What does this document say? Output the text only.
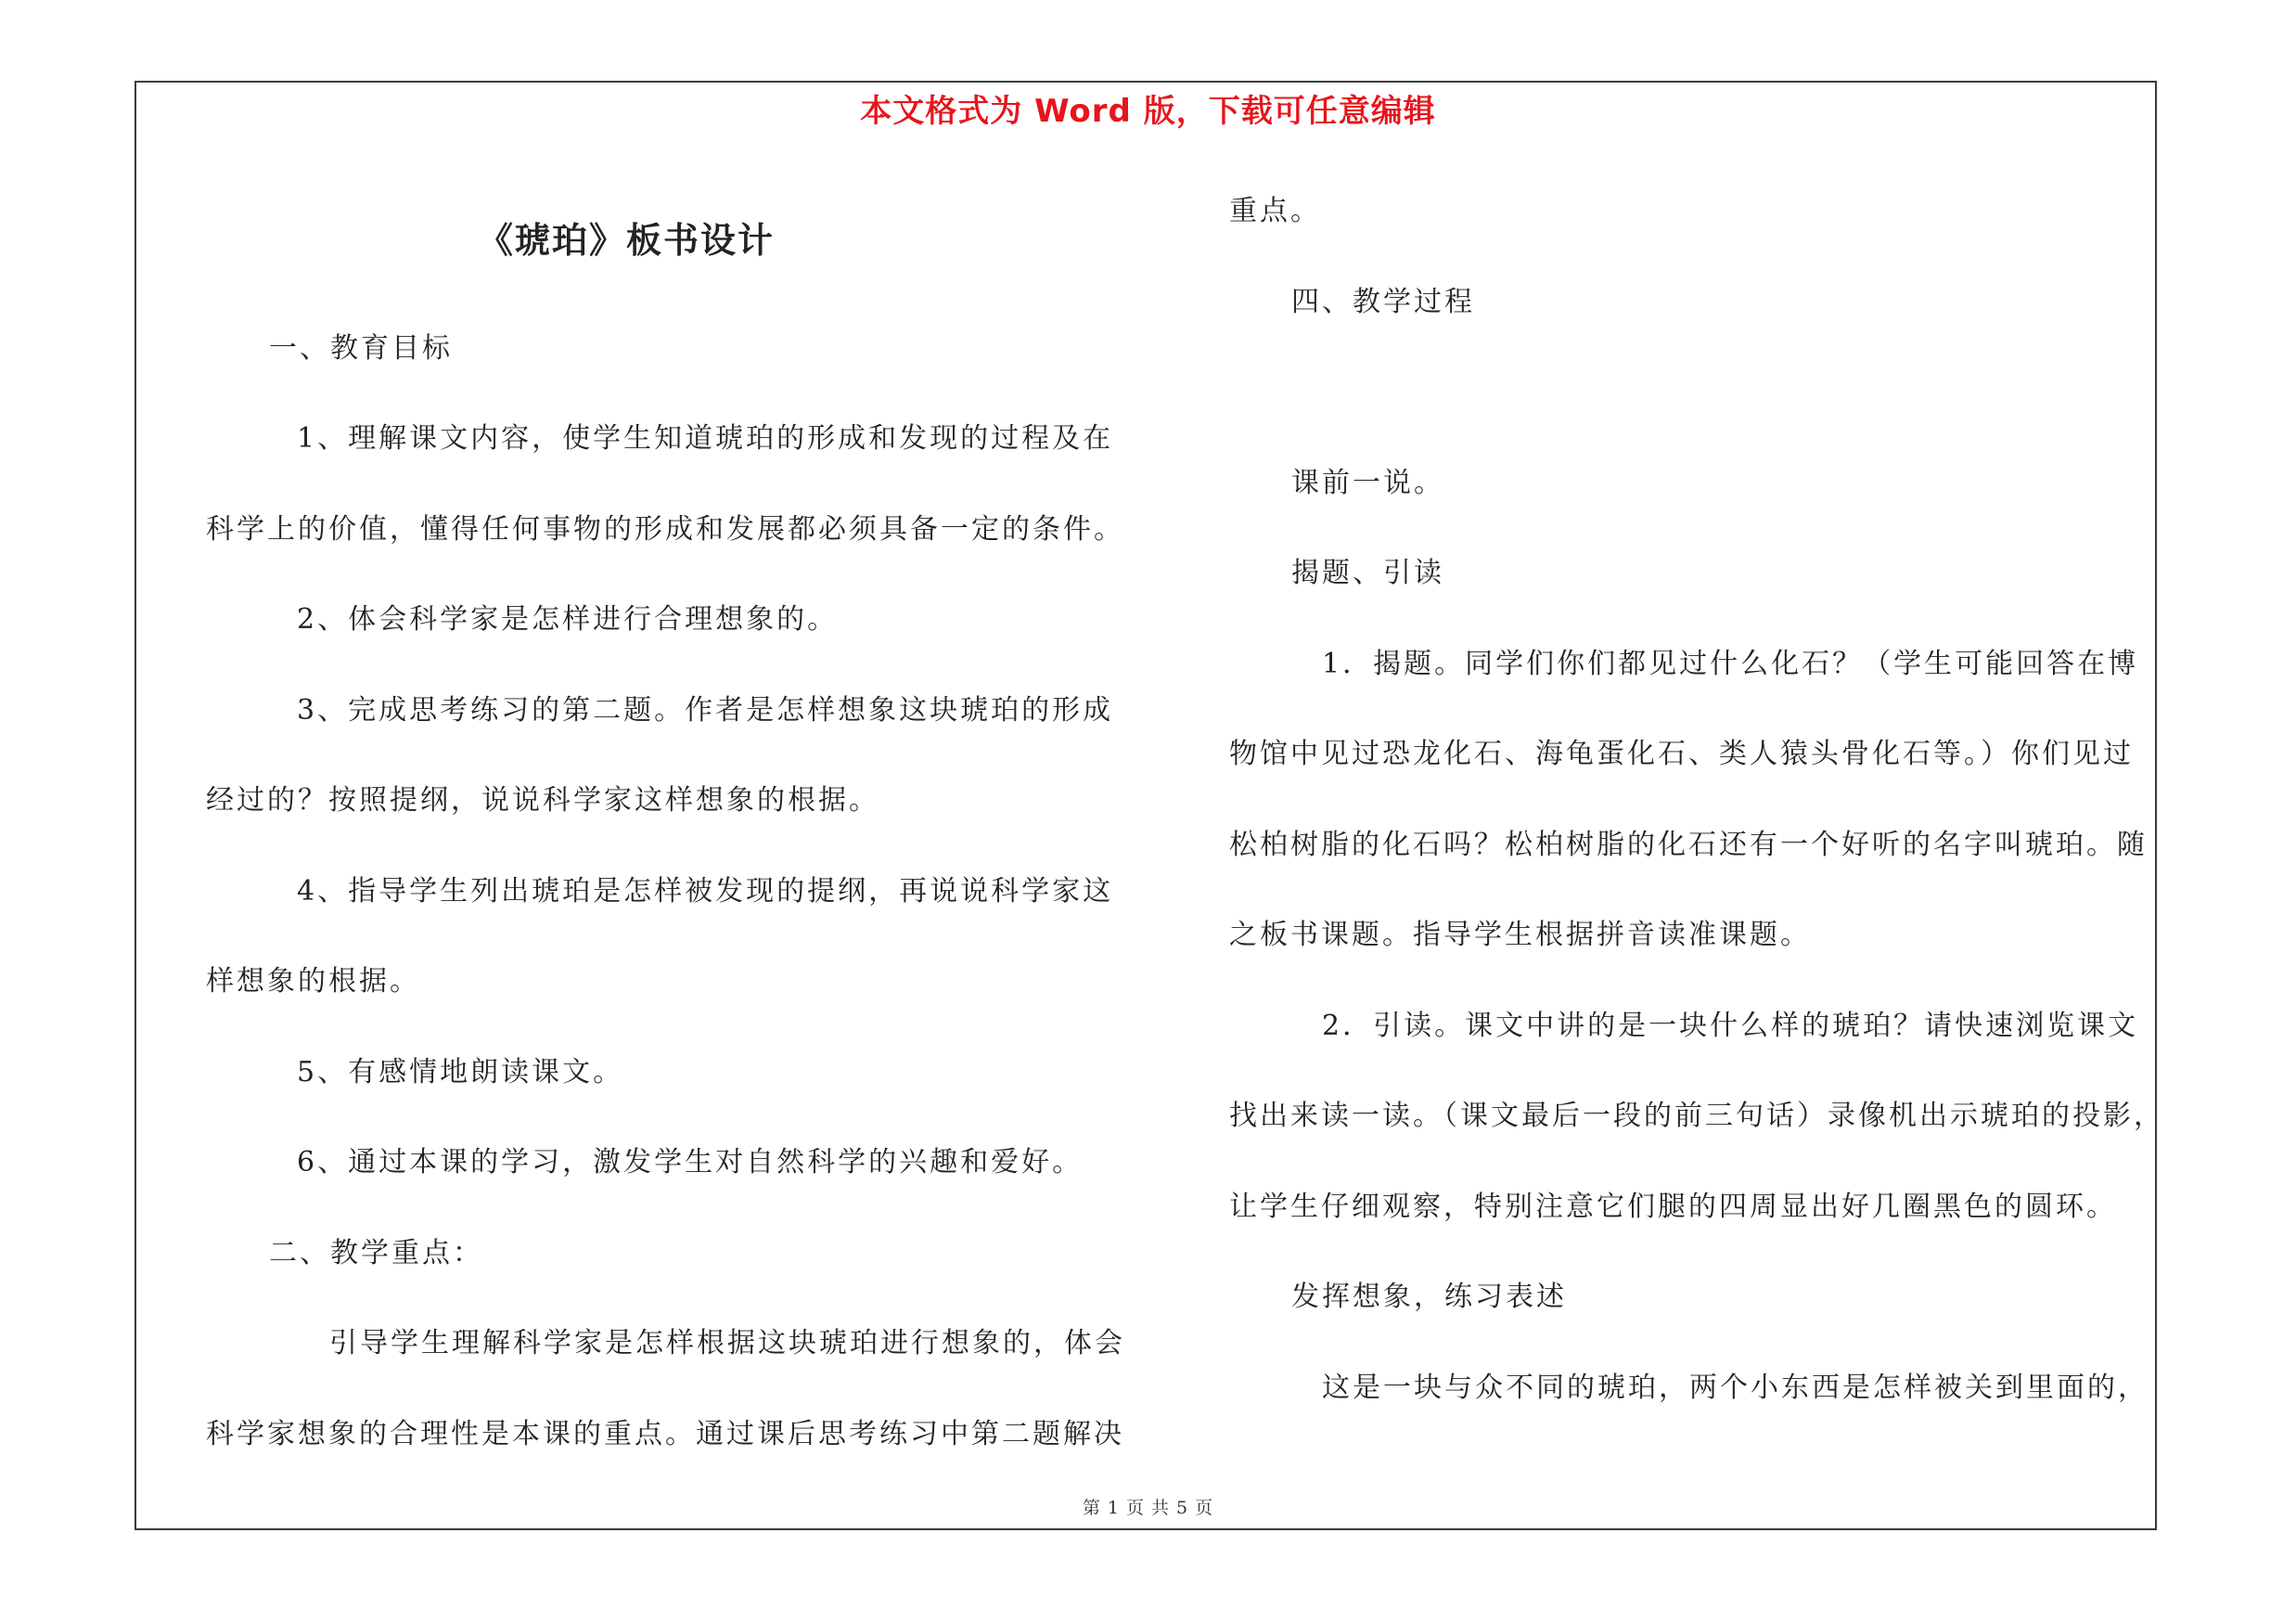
本文格式为 Word 版，下载可任意编辑
《琥珀》板书设计

一、教育目标

1、理解课文内容，使学生知道琥珀的形成和发现的过程及在

科学上的价值，懂得任何事物的形成和发展都必须具备一定的条件。

2、体会科学家是怎样进行合理想象的。

3、完成思考练习的第二题。作者是怎样想象这块琥珀的形成

经过的？按照提纲，说说科学家这样想象的根据。

4、指导学生列出琥珀是怎样被发现的提纲，再说说科学家这

样想象的根据。

5、有感情地朗读课文。

6、通过本课的学习，激发学生对自然科学的兴趣和爱好。

二、教学重点：

引导学生理解科学家是怎样根据这块琥珀进行想象的，体会

科学家想象的合理性是本课的重点。通过课后思考练习中第二题解决

重点。

四、教学过程

课前一说。

揭题、引读

1．揭题。同学们你们都见过什么化石？（学生可能回答在博

物馆中见过恐龙化石、海龟蛋化石、类人猿头骨化石等。）你们见过

松柏树脂的化石吗？松柏树脂的化石还有一个好听的名字叫琥珀。随

之板书课题。指导学生根据拼音读准课题。

2．引读。课文中讲的是一块什么样的琥珀？请快速浏览课文

找出来读一读。（课文最后一段的前三句话）录像机出示琥珀的投影，

让学生仔细观察，特别注意它们腿的四周显出好几圈黑色的圆环。

发挥想象，练习表述

这是一块与众不同的琥珀，两个小东西是怎样被关到里面的，

第 1 页 共 5 页
